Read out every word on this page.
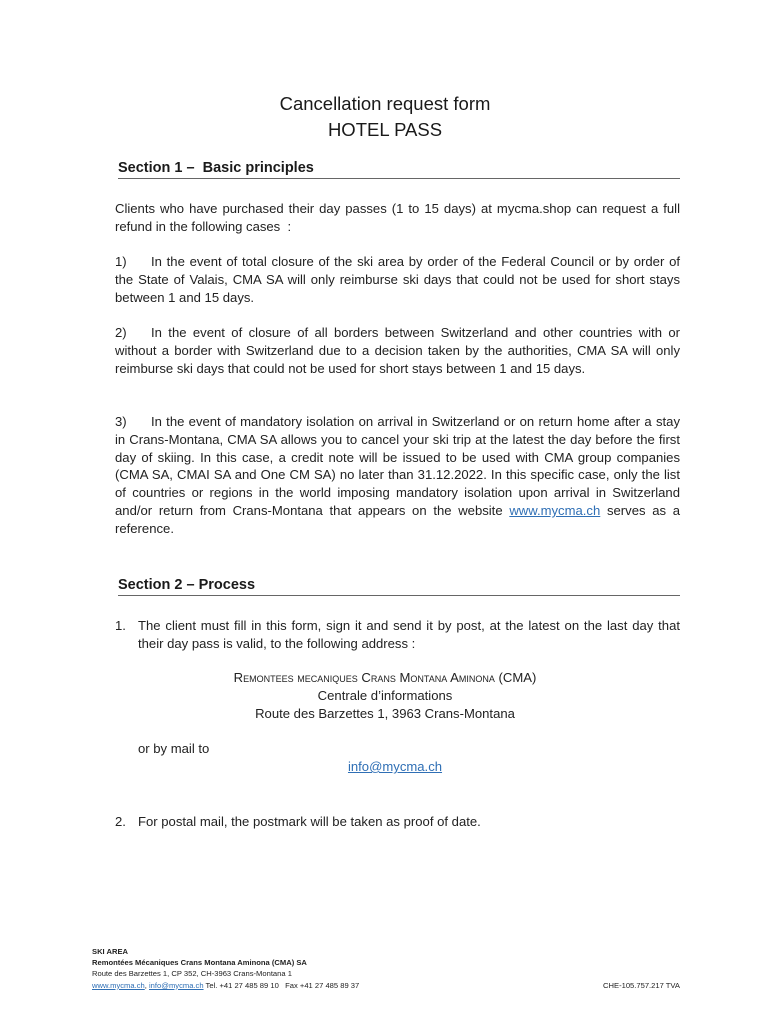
Cancellation request form
HOTEL PASS
Section 1 –  Basic principles
Clients who have purchased their day passes (1 to 15 days) at mycma.shop can request a full refund in the following cases  :
1) In the event of total closure of the ski area by order of the Federal Council or by order of the State of Valais, CMA SA will only reimburse ski days that could not be used for short stays between 1 and 15 days.
2) In the event of closure of all borders between Switzerland and other countries with or without a border with Switzerland due to a decision taken by the authorities, CMA SA will only reimburse ski days that could not be used for short stays between 1 and 15 days.
3) In the event of mandatory isolation on arrival in Switzerland or on return home after a stay in Crans-Montana, CMA SA allows you to cancel your ski trip at the latest the day before the first day of skiing. In this case, a credit note will be issued to be used with CMA group companies (CMA SA, CMAI SA and One CM SA) no later than 31.12.2022. In this specific case, only the list of countries or regions in the world imposing mandatory isolation upon arrival in Switzerland and/or return from Crans-Montana that appears on the website www.mycma.ch serves as a reference.
Section 2 – Process
1. The client must fill in this form, sign it and send it by post, at the latest on the last day that their day pass is valid, to the following address :
Remontees mecaniques Crans Montana Aminona (CMA)
Centrale d’informations
Route des Barzettes 1, 3963 Crans-Montana
or by mail to
info@mycma.ch
2. For postal mail, the postmark will be taken as proof of date.
SKI AREA
Remontées Mécaniques Crans Montana Aminona (CMA) SA
Route des Barzettes 1, CP 352, CH-3963 Crans-Montana 1
www.mycma.ch, info@mycma.ch Tel. +41 27 485 89 10   Fax +41 27 485 89 37	CHE-105.757.217 TVA
